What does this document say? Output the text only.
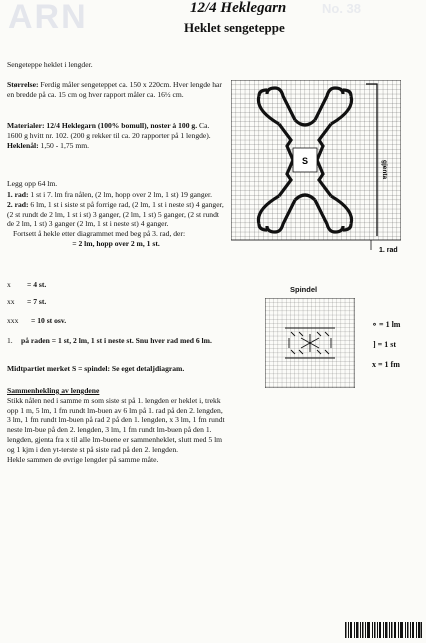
ARN	No. 38
12/4 Heklegarn
Heklet sengeteppe
Sengeteppe heklet i lengder.

Størrelse: Ferdig måler sengeteppet ca. 150 x 220cm. Hver lengde har en bredde på ca. 15 cm og hver rapport måler ca. 16½ cm.

Materialer: 12/4 Heklegarn (100% bomull), noster à 100 g. Ca. 1600 g hvitt nr. 102. (200 g rekker til ca. 20 rapporter på 1 lengde).

Heklenål: 1,50 - 1,75 mm.

Legg opp 64 lm.

1. rad: 1 st i 7. lm fra nålen, (2 lm, hopp over 2 lm, 1 st) 19 ganger.

2. rad: 6 lm, 1 st i siste st på forrige rad, (2 lm, 1 st i neste st) 4 ganger, (2 st rundt de 2 lm, 1 st i st) 3 ganger, (2 lm, 1 st) 5 ganger, (2 st rundt de 2 lm, 1 st) 3 ganger (2 lm, 1 st i neste st) 4 ganger.

Fortsett å hekle etter diagrammet med beg på 3. rad, der:

= 2 lm, hopp over 2 m, 1 st.

x = 4 st.
xx = 7 st.
xxx = 10 st osv.

1. på raden = 1 st, 2 lm, 1 st i neste st. Snu hver rad med 6 lm.

Midtpartiet merket S = spindel: Se eget detaljdiagram.

Sammenhekling av lengdene

Stikk nålen ned i samme m som siste st på 1. lengden er heklet i, trekk opp 1 m, 5 lm, 1 fm rundt lm-buen av 6 lm på 1. rad på den 2. lengden, 3 lm, 1 fm rundt lm-buen på rad 2 på den 1. lengden, x 3 lm, 1 fm rundt neste lm-bue på den 2. lengden, 3 lm, 1 fm rundt lm-buen på den 1. lengden, gjenta fra x til alle lm-buene er sammenheklet, slutt med 5 lm og 1 kjm i den yt-terste st på siste rad på den 2. lengden.

Hekle sammen de øvrige lengder på samme måte.

S	gjenta
1. rad
Spindel
∘ = 1 lm
] = 1 st
x = 1 fm
